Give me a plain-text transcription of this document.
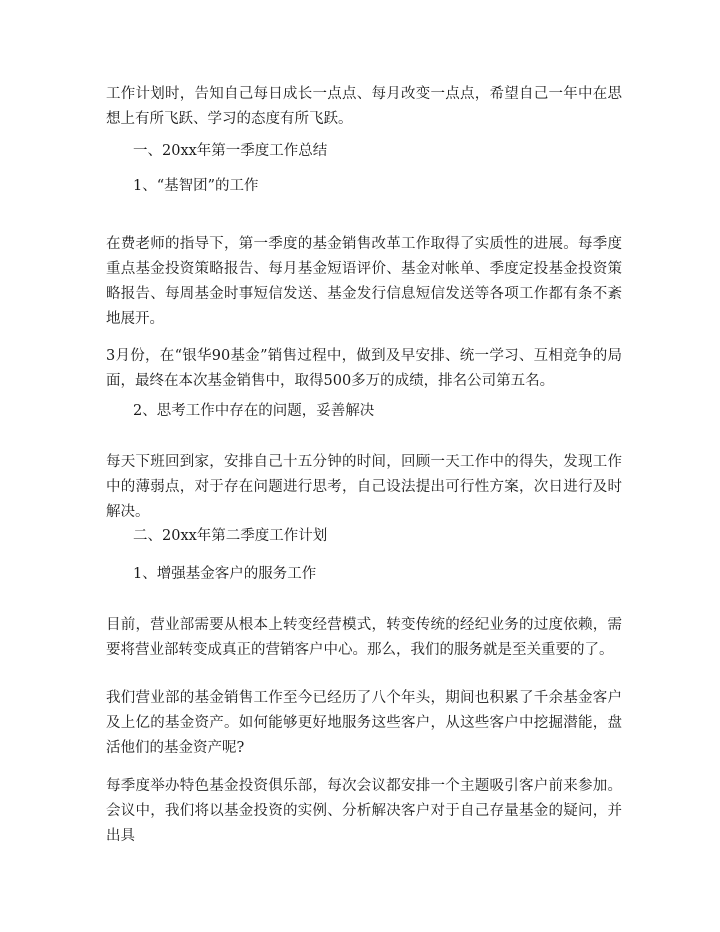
工作计划时，告知自己每日成长一点点、每月改变一点点，希望自己一年中在思想上有所飞跃、学习的态度有所飞跃。

一、20xx年第一季度工作总结

1、“基智团”的工作

在费老师的指导下，第一季度的基金销售改革工作取得了实质性的进展。每季度重点基金投资策略报告、每月基金短语评价、基金对帐单、季度定投基金投资策略报告、每周基金时事短信发送、基金发行信息短信发送等各项工作都有条不紊地展开。

3月份，在“银华90基金”销售过程中，做到及早安排、统一学习、互相竞争的局面，最终在本次基金销售中，取得500多万的成绩，排名公司第五名。

2、思考工作中存在的问题，妥善解决

每天下班回到家，安排自己十五分钟的时间，回顾一天工作中的得失，发现工作中的薄弱点，对于存在问题进行思考，自己设法提出可行性方案，次日进行及时解决。

二、20xx年第二季度工作计划

1、增强基金客户的服务工作

目前，营业部需要从根本上转变经营模式，转变传统的经纪业务的过度依赖，需要将营业部转变成真正的营销客户中心。那么，我们的服务就是至关重要的了。

我们营业部的基金销售工作至今已经历了八个年头，期间也积累了千余基金客户及上亿的基金资产。如何能够更好地服务这些客户，从这些客户中挖掘潜能，盘活他们的基金资产呢?

每季度举办特色基金投资俱乐部，每次会议都安排一个主题吸引客户前来参加。会议中，我们将以基金投资的实例、分析解决客户对于自己存量基金的疑问，并出具
